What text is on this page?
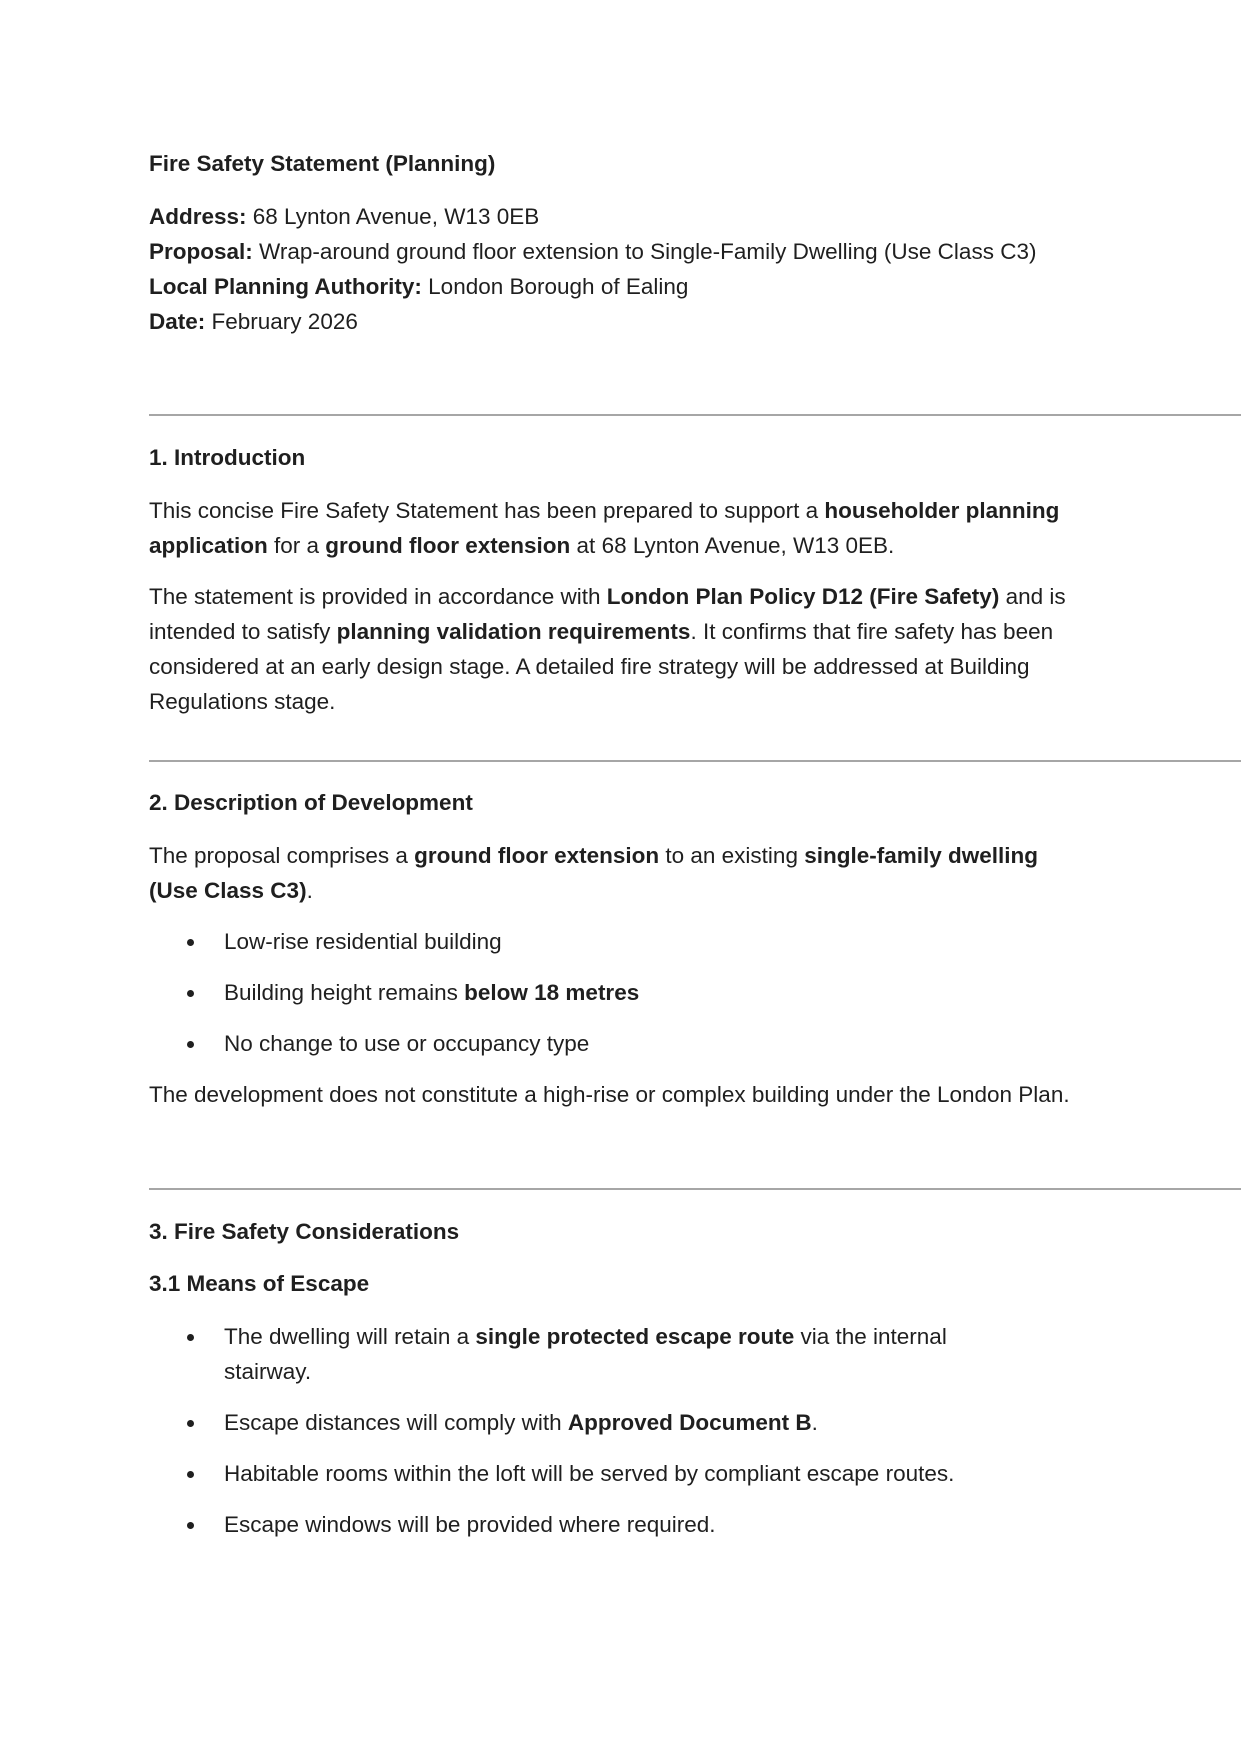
Fire Safety Statement (Planning)

Address: 68 Lynton Avenue, W13 0EB

Proposal: Wrap-around ground floor extension to Single-Family Dwelling (Use Class C3)

Local Planning Authority: London Borough of Ealing

Date: February 2026

1. Introduction

This concise Fire Safety Statement has been prepared to support a householder planning application for a ground floor extension at 68 Lynton Avenue, W13 0EB.

The statement is provided in accordance with London Plan Policy D12 (Fire Safety) and is intended to satisfy planning validation requirements. It confirms that fire safety has been considered at an early design stage. A detailed fire strategy will be addressed at Building Regulations stage.

2. Description of Development

The proposal comprises a ground floor extension to an existing single-family dwelling (Use Class C3).

Low-rise residential building
Building height remains below 18 metres
No change to use or occupancy type

The development does not constitute a high-rise or complex building under the London Plan.

3. Fire Safety Considerations

3.1 Means of Escape

The dwelling will retain a single protected escape route via the internal stairway.
Escape distances will comply with Approved Document B.
Habitable rooms within the loft will be served by compliant escape routes.
Escape windows will be provided where required.
